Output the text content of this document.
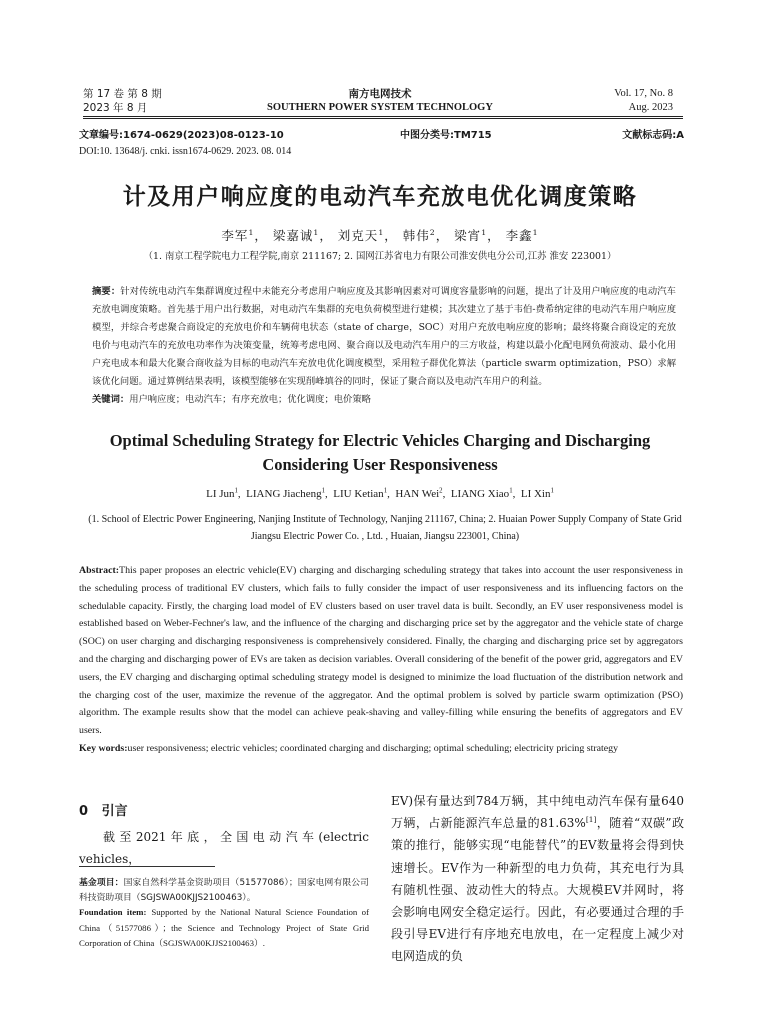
第 17 卷 第 8 期
2023 年 8 月
南方电网技术
SOUTHERN POWER SYSTEM TECHNOLOGY
Vol. 17, No. 8
Aug. 2023
文章编号:1674-0629(2023)08-0123-10	中图分类号:TM715	文献标志码:A
DOI:10. 13648/j. cnki. issn1674-0629. 2023. 08. 014
计及用户响应度的电动汽车充放电优化调度策略
李军$^1$， 梁嘉诚$^1$， 刘克天$^1$， 韩伟$^2$， 梁宵$^1$， 李鑫$^1$
（1. 南京工程学院电力工程学院,南京 211167; 2. 国网江苏省电力有限公司淮安供电分公司,江苏 淮安 223001）
摘要：针对传统电动汽车集群调度过程中未能充分考虑用户响应度及其影响因素对可调度容量影响的问题，提出了计及用户响应度的电动汽车充放电调度策略。首先基于用户出行数据，对电动汽车集群的充电负荷模型进行建模；其次建立了基于韦伯-费希纳定律的电动汽车用户响应度模型，并综合考虑聚合商设定的充放电价和车辆荷电状态（state of charge，SOC）对用户充放电响应度的影响；最终将聚合商设定的充放电价与电动汽车的充放电功率作为决策变量，统筹考虑电网、聚合商以及电动汽车用户的三方收益，构建以最小化配电网负荷波动、最小化用户充电成本和最大化聚合商收益为目标的电动汽车充放电优化调度模型，采用粒子群优化算法（particle swarm optimization，PSO）求解该优化问题。通过算例结果表明，该模型能够在实现削峰填谷的同时，保证了聚合商以及电动汽车用户的利益。
关键词：用户响应度；电动汽车；有序充放电；优化调度；电价策略
Optimal Scheduling Strategy for Electric Vehicles Charging and Discharging
Considering User Responsiveness
LI Jun$^1$,  LIANG Jiacheng$^1$,  LIU Ketian$^1$,  HAN Wei$^2$,  LIANG Xiao$^1$,  LI Xin$^1$
(1. School of Electric Power Engineering, Nanjing Institute of Technology, Nanjing 211167, China; 2. Huaian Power Supply Company of State Grid Jiangsu Electric Power Co. , Ltd. , Huaian, Jiangsu 223001, China)
Abstract:This paper proposes an electric vehicle(EV) charging and discharging scheduling strategy that takes into account the user responsiveness in the scheduling process of traditional EV clusters, which fails to fully consider the impact of user responsiveness and its influencing factors on the schedulable capacity. Firstly, the charging load model of EV clusters based on user travel data is built. Secondly, an EV user responsiveness model is established based on Weber-Fechner's law, and the influence of the charging and discharging price set by the aggregator and the vehicle state of charge (SOC) on user charging and discharging responsiveness is comprehensively considered. Finally, the charging and discharging price set by aggregators and the charging and discharging power of EVs are taken as decision variables. Overall considering of the benefit of the power grid, aggregators and EV users, the EV charging and discharging optimal scheduling strategy model is designed to minimize the load fluctuation of the distribution network and the charging cost of the user, maximize the revenue of the aggregator. And the optimal problem is solved by particle swarm optimization (PSO) algorithm. The example results show that the model can achieve peak-shaving and valley-filling while ensuring the benefits of aggregators and EV users.
Key words:user responsiveness; electric vehicles; coordinated charging and discharging; optimal scheduling; electricity pricing strategy
0 引言
截至2021年底，全国电动汽车(electric vehicles，
EV)保有量达到784万辆，其中纯电动汽车保有量640万辆，占新能源汽车总量的81.63%[1]，随着“双碳”政策的推行，能够实现“电能替代”的EV数量将会得到快速增长。EV作为一种新型的电力负荷，其充电行为具有随机性强、波动性大的特点。大规模EV并网时，将会影响电网安全稳定运行。因此，有必要通过合理的手段引导EV进行有序地充电放电，在一定程度上减少对电网造成的负
基金项目：国家自然科学基金资助项目（51577086）；国家电网有限公司科技资助项目（SGJSWA00KJJS2100463）。
Foundation item: Supported by the National Natural Science Foundation of China（51577086）；the Science and Technology Project of State Grid Corporation of China（SGJSWA00KJJS2100463）.
